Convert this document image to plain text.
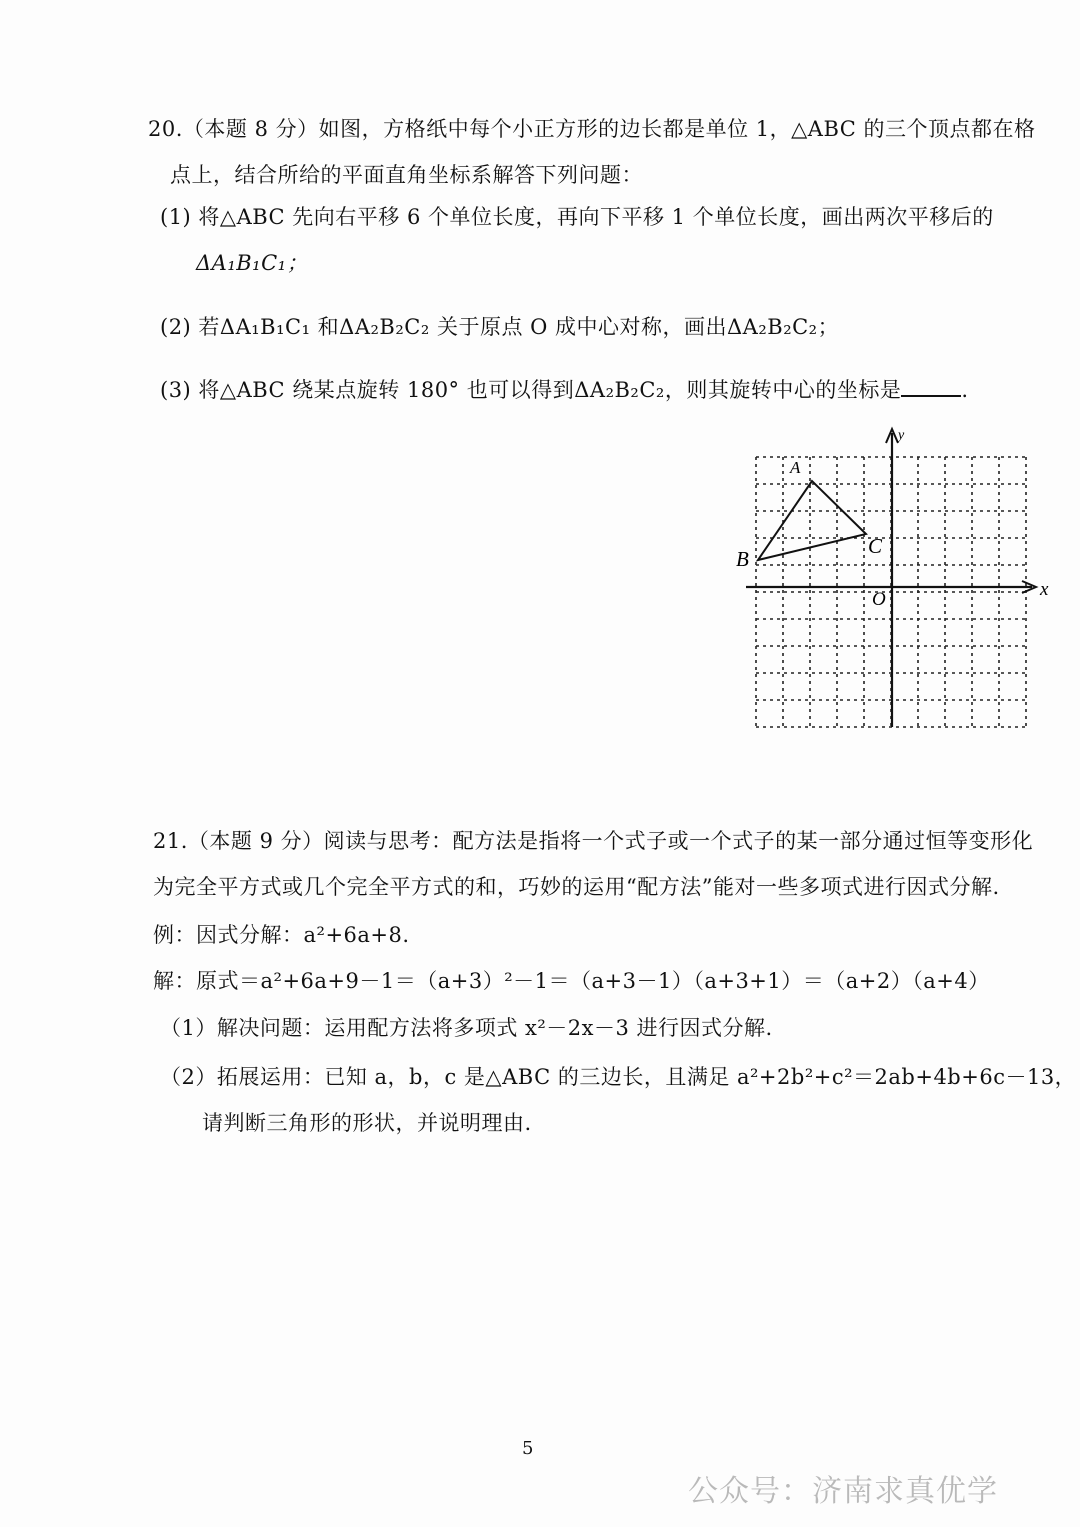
20.（本题 8 分）如图，方格纸中每个小正方形的边长都是单位 1，△ABC 的三个顶点都在格
点上，结合所给的平面直角坐标系解答下列问题：
(1) 将△ABC 先向右平移 6 个单位长度，再向下平移 1 个单位长度，画出两次平移后的
ΔA₁B₁C₁；
(2) 若ΔA₁B₁C₁ 和ΔA₂B₂C₂ 关于原点 O 成中心对称，画出ΔA₂B₂C₂；
(3) 将△ABC 绕某点旋转 180° 也可以得到ΔA₂B₂C₂，则其旋转中心的坐标是	.
A
B
C
O	x
y
21.（本题 9 分）阅读与思考：配方法是指将一个式子或一个式子的某一部分通过恒等变形化
为完全平方式或几个完全平方式的和，巧妙的运用“配方法”能对一些多项式进行因式分解.
例：因式分解：a²+6a+8.
解：原式＝a²+6a+9－1＝（a+3）²－1＝（a+3－1）（a+3+1）＝（a+2）（a+4）
（1）解决问题：运用配方法将多项式 x²－2x－3 进行因式分解.
（2）拓展运用：已知 a，b，c 是△ABC 的三边长，且满足 a²+2b²+c²＝2ab+4b+6c－13，
请判断三角形的形状，并说明理由.
5
公众号：济南求真优学
